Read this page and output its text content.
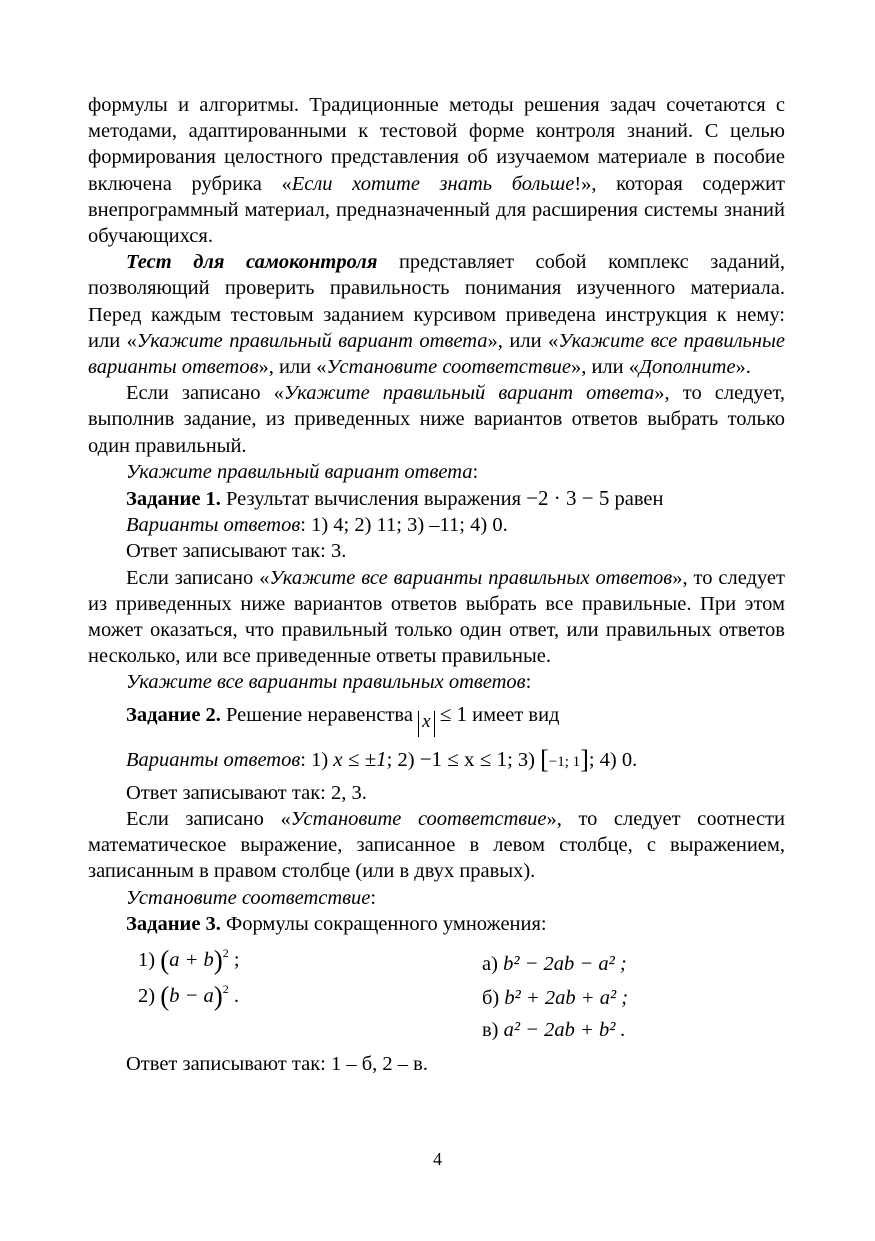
формулы и алгоритмы. Традиционные методы решения задач сочетаются с методами, адаптированными к тестовой форме контроля знаний. С целью формирования целостного представления об изучаемом материале в пособие включена рубрика «Если хотите знать больше!», которая содержит внепрограммный материал, предназначенный для расширения системы знаний обучающихся.

Тест для самоконтроля представляет собой комплекс заданий, позволяющий проверить правильность понимания изученного материала. Перед каждым тестовым заданием курсивом приведена инструкция к нему: или «Укажите правильный вариант ответа», или «Укажите все правильные варианты ответов», или «Установите соответствие», или «Дополните».

Если записано «Укажите правильный вариант ответа», то следует, выполнив задание, из приведенных ниже вариантов ответов выбрать только один правильный.

Укажите правильный вариант ответа:

Задание 1. Результат вычисления выражения −2 · 3 − 5 равен

Варианты ответов: 1) 4; 2) 11; 3) –11; 4) 0.

Ответ записывают так: 3.

Если записано «Укажите все варианты правильных ответов», то следует из приведенных ниже вариантов ответов выбрать все правильные. При этом может оказаться, что правильный только один ответ, или правильных ответов несколько, или все приведенные ответы правильные.

Укажите все варианты правильных ответов:

Задание 2. Решение неравенства x ≤ 1 имеет вид

Варианты ответов: 1) x ≤ ±1; 2) −1 ≤ x ≤ 1; 3) [−1; 1]; 4) 0.

Ответ записывают так: 2, 3.

Если записано «Установите соответствие», то следует соотнести математическое выражение, записанное в левом столбце, с выражением, записанным в правом столбце (или в двух правых).

Установите соответствие:

Задание 3. Формулы сокращенного умножения:

1) $(a + b)^2$ ;
2) $(b - a)^2$ .
а) b² − 2ab − a² ;
б) b² + 2ab + a² ;
в) a² − 2ab + b² .

Ответ записывают так: 1 – б, 2 – в.

4
